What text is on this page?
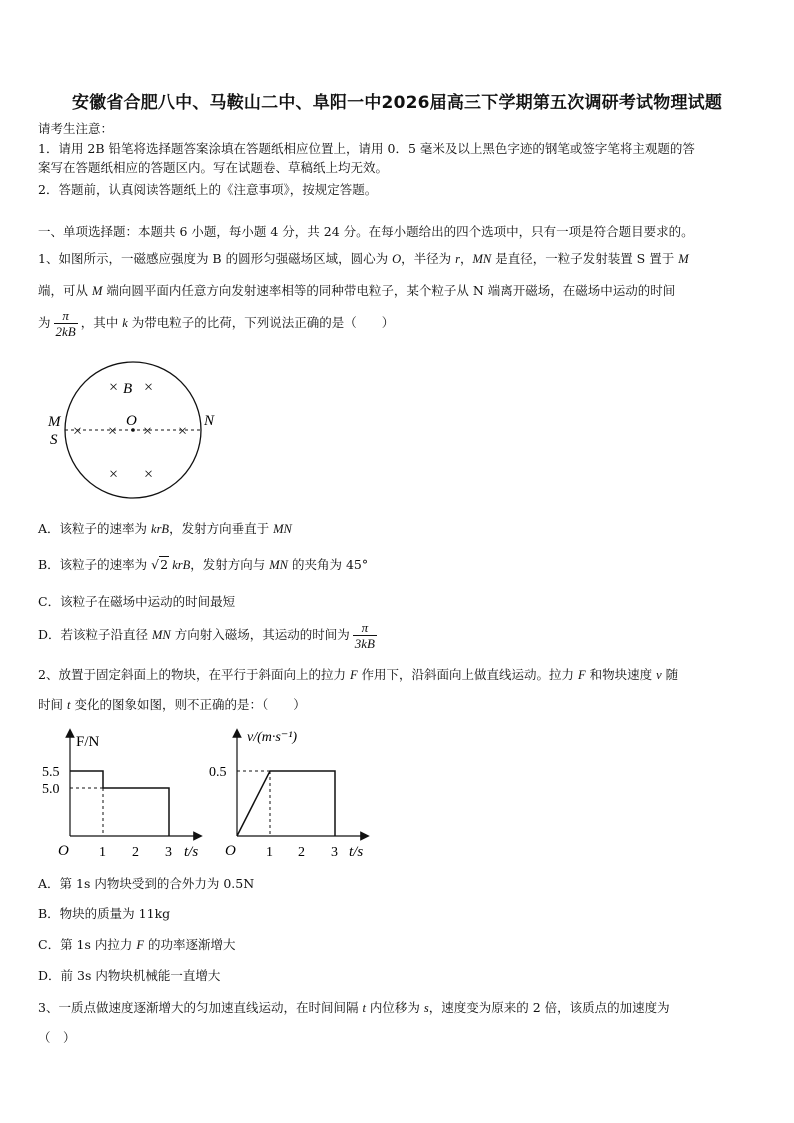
安徽省合肥八中、马鞍山二中、阜阳一中2026届高三下学期第五次调研考试物理试题
请考生注意：
1．请用 2B 铅笔将选择题答案涂填在答题纸相应位置上，请用 0．5 毫米及以上黑色字迹的钢笔或签字笔将主观题的答
案写在答题纸相应的答题区内。写在试题卷、草稿纸上均无效。
2．答题前，认真阅读答题纸上的《注意事项》，按规定答题。
一、单项选择题：本题共 6 小题，每小题 4 分，共 24 分。在每小题给出的四个选项中，只有一项是符合题目要求的。
1、如图所示，一磁感应强度为 B 的圆形匀强磁场区域，圆心为 O，半径为 r，MN 是直径，一粒子发射装置 S 置于 M
端，可从 M 端向圆平面内任意方向发射速率相等的同种带电粒子，某个粒子从 N 端离开磁场，在磁场中运动的时间
为 $\frac{\pi}{2kB}$ ，其中 k 为带电粒子的比荷，下列说法正确的是（　　）
× ×
× × × ×
× ×
B
O
M
S
N
A．该粒子的速率为 krB，发射方向垂直于 MN
B．该粒子的速率为 √2 krB，发射方向与 MN 的夹角为 45°
C．该粒子在磁场中运动的时间最短
D．若该粒子沿直径 MN 方向射入磁场，其运动的时间为 $\frac{\pi}{3kB}$
2、放置于固定斜面上的物块，在平行于斜面向上的拉力 F 作用下，沿斜面向上做直线运动。拉力 F 和物块速度 v 随
时间 t 变化的图象如图，则不正确的是：（　　）
F/N
5.5
5.0
O 1 2 3 t/s
v/(m·s⁻¹)
0.5
O 1 2 3 t/s
A．第 1s 内物块受到的合外力为 0.5N
B．物块的质量为 11kg
C．第 1s 内拉力 F 的功率逐渐增大
D．前 3s 内物块机械能一直增大
3、一质点做速度逐渐增大的匀加速直线运动，在时间间隔 t 内位移为 s，速度变为原来的 2 倍，该质点的加速度为
（　）
